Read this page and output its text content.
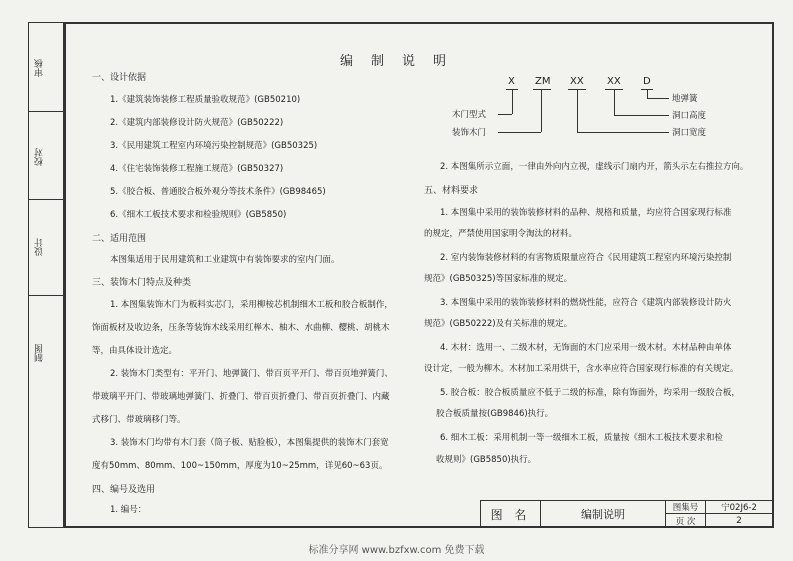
审核
校对
设计
制图
编制说明
一、设计依据
1.《建筑装饰装修工程质量验收规范》(GB50210)
2.《建筑内部装修设计防火规范》(GB50222)
3.《民用建筑工程室内环境污染控制规范》(GB50325)
4.《住宅装饰装修工程施工规范》(GB50327)
5.《胶合板、普通胶合板外观分等技术条件》(GB98465)
6.《细木工板技术要求和检验规则》(GB5850)
二、适用范围
本图集适用于民用建筑和工业建筑中有装饰要求的室内门面。
三、装饰木门特点及种类
1. 本图集装饰木门为板料实芯门，采用柳桉芯机制细木工板和胶合板制作，
饰面板材及收边条，压条等装饰木线采用红榉木、柚木、水曲柳、樱桃、胡桃木
等，由具体设计选定。
2. 装饰木门类型有：平开门、地弹簧门、带百页平开门、带百页地弹簧门、
带玻璃平开门、带玻璃地弹簧门、折叠门、带百页折叠门、带百页折叠门、内藏
式移门、带玻璃移门等。
3. 装饰木门均带有木门套（筒子板、贴脸板），本图集提供的装饰木门套宽
度有50mm、80mm、100~150mm，厚度为10~25mm，详见60~63页。
四、编号及选用
1. 编号：
X ZM XX XX D
地弹簧
洞口高度
洞口宽度
木门型式
装饰木门
2. 本图集所示立面，一律由外向内立视，虚线示门扇内开，箭头示左右推拉方向。
五、材料要求
1. 本图集中采用的装饰装修材料的品种、规格和质量，均应符合国家现行标准
的规定，严禁使用国家明令淘汰的材料。
2. 室内装饰装修材料的有害物质限量应符合《民用建筑工程室内环境污染控制
规范》(GB50325)等国家标准的规定。
3. 本图集中采用的装饰装修材料的燃烧性能，应符合《建筑内部装修设计防火
规范》(GB50222)及有关标准的规定。
4. 木材：选用一、二级木材，无饰面的木门应采用一级木材。木材品种由单体
设计定，一般为柳木。木材加工采用烘干，含水率应符合国家现行标准的有关规定。
5. 胶合板：胶合板质量应不低于二级的标准，除有饰面外，均采用一级胶合板，
胶合板质量按(GB9846)执行。
6. 细木工板：采用机制一等一级细木工板，质量按《细木工板技术要求和检
收规则》(GB5850)执行。
图 名	编制说明	图集号	宁02J6-2
页 次	2
标准分享网 www.bzfxw.com 免费下载
